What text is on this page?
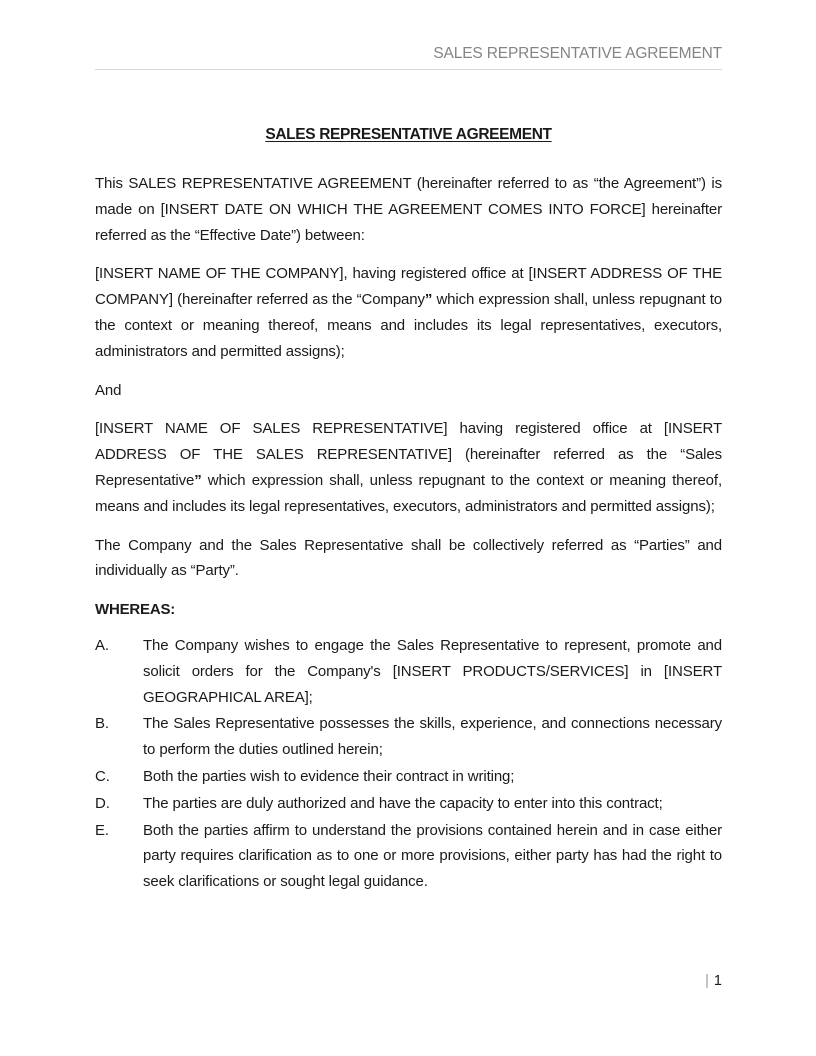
SALES REPRESENTATIVE AGREEMENT
SALES REPRESENTATIVE AGREEMENT

This SALES REPRESENTATIVE AGREEMENT (hereinafter referred to as “the Agreement”) is made on [INSERT DATE ON WHICH THE AGREEMENT COMES INTO FORCE] hereinafter referred as the “Effective Date”) between:

[INSERT NAME OF THE COMPANY], having registered office at [INSERT ADDRESS OF THE COMPANY] (hereinafter referred as the “Company” which expression shall, unless repugnant to the context or meaning thereof, means and includes its legal representatives, executors, administrators and permitted assigns);

And

[INSERT NAME OF SALES REPRESENTATIVE] having registered office at [INSERT ADDRESS OF THE SALES REPRESENTATIVE] (hereinafter referred as the “Sales Representative” which expression shall, unless repugnant to the context or meaning thereof, means and includes its legal representatives, executors, administrators and permitted assigns);

The Company and the Sales Representative shall be collectively referred as “Parties” and individually as “Party”.

WHEREAS:

A.	The Company wishes to engage the Sales Representative to represent, promote and solicit orders for the Company's [INSERT PRODUCTS/SERVICES] in [INSERT GEOGRAPHICAL AREA];
B.	The Sales Representative possesses the skills, experience, and connections necessary to perform the duties outlined herein;
C.	Both the parties wish to evidence their contract in writing;
D.	The parties are duly authorized and have the capacity to enter into this contract;
E.	Both the parties affirm to understand the provisions contained herein and in case either party requires clarification as to one or more provisions, either party has had the right to seek clarifications or sought legal guidance.
| 1
